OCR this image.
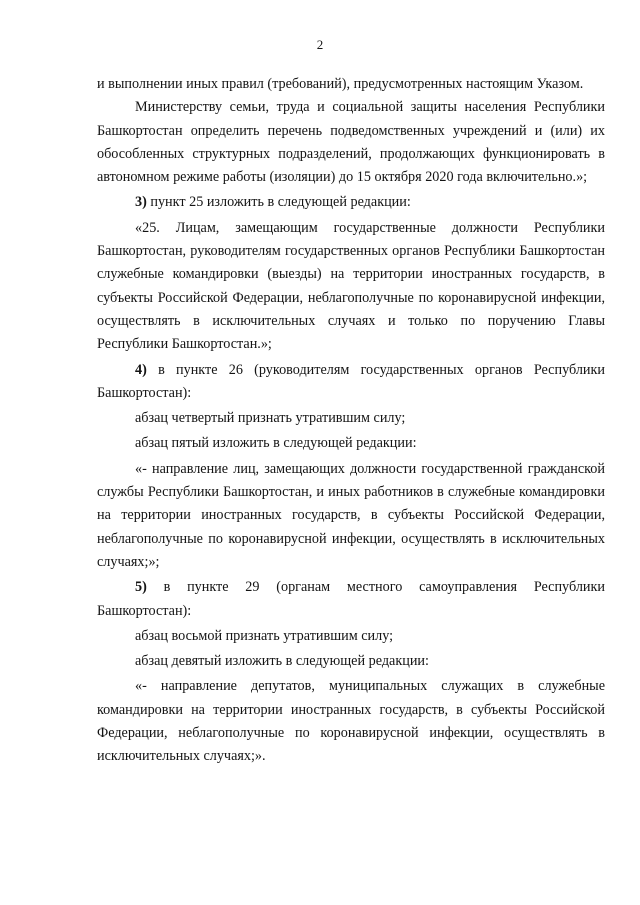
2

и выполнении иных правил (требований), предусмотренных настоящим Указом.

Министерству семьи, труда и социальной защиты населения Республики Башкортостан определить перечень подведомственных учреждений и (или) их обособленных структурных подразделений, продолжающих функционировать в автономном режиме работы (изоляции) до 15 октября 2020 года включительно.»;

3) пункт 25 изложить в следующей редакции:

«25. Лицам, замещающим государственные должности Республики Башкортостан, руководителям государственных органов Республики Башкортостан служебные командировки (выезды) на территории иностранных государств, в субъекты Российской Федерации, неблагополучные по коронавирусной инфекции, осуществлять в исключительных случаях и только по поручению Главы Республики Башкортостан.»;

4) в пункте 26 (руководителям государственных органов Республики Башкортостан):

абзац четвертый признать утратившим силу;

абзац пятый изложить в следующей редакции:

«- направление лиц, замещающих должности государственной гражданской службы Республики Башкортостан, и иных работников в служебные командировки на территории иностранных государств, в субъекты Российской Федерации, неблагополучные по коронавирусной инфекции, осуществлять в исключительных случаях;»;

5) в пункте 29 (органам местного самоуправления Республики Башкортостан):

абзац восьмой признать утратившим силу;

абзац девятый изложить в следующей редакции:

«- направление депутатов, муниципальных служащих в служебные командировки на территории иностранных государств, в субъекты Российской Федерации, неблагополучные по коронавирусной инфекции, осуществлять в исключительных случаях;».
